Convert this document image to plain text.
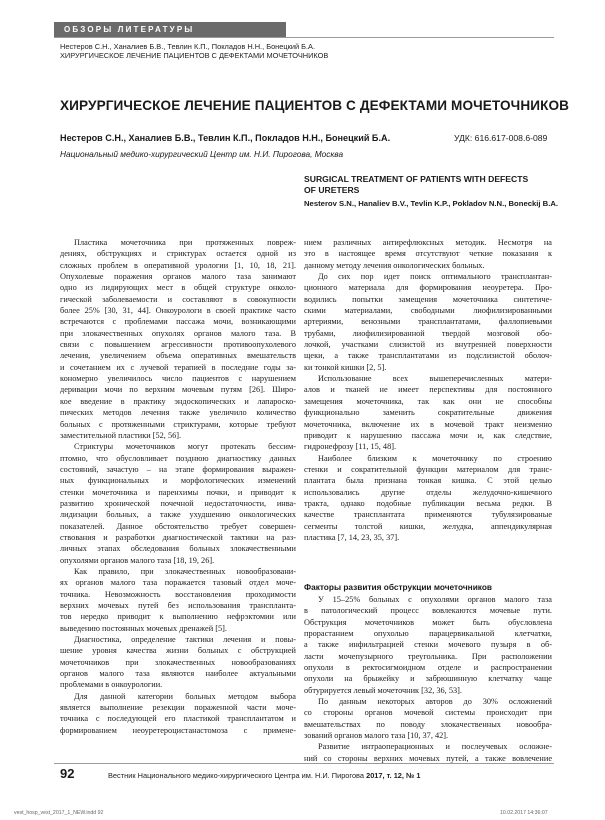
ОБЗОРЫ ЛИТЕРАТУРЫ
Нестеров С.Н., Ханалиев Б.В., Тевлин К.П., Покладов Н.Н., Бонецкий Б.А.
ХИРУРГИЧЕСКОЕ ЛЕЧЕНИЕ ПАЦИЕНТОВ С ДЕФЕКТАМИ МОЧЕТОЧНИКОВ
ХИРУРГИЧЕСКОЕ ЛЕЧЕНИЕ ПАЦИЕНТОВ С ДЕФЕКТАМИ МОЧЕТОЧНИКОВ
Нестеров С.Н., Ханалиев Б.В., Тевлин К.П., Покладов Н.Н., Бонецкий Б.А.	УДК: 616.617-008.6-089
Национальный медико-хирургический Центр им. Н.И. Пирогова, Москва
SURGICAL TREATMENT OF PATIENTS WITH DEFECTS
OF URETERS
Nesterov S.N., Hanaliev B.V., Tevlin K.P., Pokladov N.N., Boneckij B.A.

Пластика мочеточника при протяженных повреж-

дениях, обструкциях и стриктурах остается одной из

сложных проблем в оперативной урологии [1, 10, 18, 21].

Опухолевые поражения органов малого таза занимают

одно из лидирующих мест в общей структуре онколо-

гической заболеваемости и составляют в совокупности

более 25% [30, 31, 44]. Онкоурологи в своей практике часто

встречаются с проблемами пассажа мочи, возникающими

при злокачественных опухолях органов малого таза. В

связи с повышением агрессивности противоопухолевого

лечения, увеличением объема оперативных вмешательств

и сочетанием их с лучевой терапией в последние годы за-

кономерно увеличилось число пациентов с нарушением

деривации мочи по верхним мочевым путям [26]. Широ-

кое введение в практику эндоскопических и лапароско-

пических методов лечения также увеличило количество

больных с протяженными стриктурами, которые требуют

заместительной пластики [52, 56].

Стриктуры мочеточников могут протекать бессим-

птомно, что обусловливает позднюю диагностику данных

состояний, зачастую – на этапе формирования выражен-

ных функциональных и морфологических изменений

стенки мочеточника и паренхимы почки, и приводит к

развитию хронической почечной недостаточности, инва-

лидизации больных, а также ухудшению онкологических

показателей. Данное обстоятельство требует совершен-

ствования и разработки диагностической тактики на раз-

личных этапах обследования больных злокачественными

опухолями органов малого таза [18, 19, 26].

Как правило, при злокачественных новообразовани-

ях органов малого таза поражается тазовый отдел моче-

точника. Невозможность восстановления проходимости

верхних мочевых путей без использования транспланта-

тов нередко приводит к выполнению нефрэктомии или

выведению постоянных мочевых дренажей [5].

Диагностика, определение тактики лечения и повы-

шение уровня качества жизни больных с обструкцией

мочеточников при злокачественных новообразованиях

органов малого таза являются наиболее актуальными

проблемами в онкоурологии.

Для данной категории больных методом выбора

является выполнение резекции пораженной части моче-

точника с последующей его пластикой трансплантатом и

формированием неоуретероцистанастомоза с примене-

нием различных антирефлюксных методик. Несмотря на

это в настоящее время отсутствуют четкие показания к

данному методу лечения онкологических больных.

До сих пор идет поиск оптимального трансплантан-

ционного материала для формирования неоуретера. Про-

водились попытки замещения мочеточника синтетиче-

скими материалами, свободными лиофилизированными

артериями, венозными трансплантатами, фаллопиевыми

трубами, лиофилизированной твердой мозговой обо-

лочкой, участками слизистой из внутренней поверхности

щеки, а также трансплантатами из подслизистой оболоч-

ки тонкой кишки [2, 5].

Использование всех вышеперечисленных матери-

алов и тканей не имеет перспективы для постоянного

замещения мочеточника, так как они не способны

функционально заменить сократительные движения

мочеточника, включение их в мочевой тракт неизменно

приводит к нарушению пассажа мочи и, как следствие,

гидронефрозу [11, 15, 48].

Наиболее близким к мочеточнику по строению

стенки и сократительной функции материалом для транс-

плантата была признана тонкая кишка. С этой целью

использовались другие отделы желудочно-кишечного

тракта, однако подобные публикации весьма редки. В

качестве трансплантата применяются тубулязированые

сегменты толстой кишки, желудка, аппендикулярная

пластика [7, 14, 23, 35, 37].

Факторы развития обструкции мочеточников

У 15–25% больных с опухолями органов малого таза

в патологический процесс вовлекаются мочевые пути.

Обструкция мочеточников может быть обусловлена

прорастанием опухолью парацервикальной клетчатки,

а также инфильтрацией стенки мочевого пузыря в об-

ласти мочепузырного треугольника. При расположении

опухоли в ректосигмоидном отделе и распространении

опухоли на брыжейку и забрюшинную клетчатку чаще

обтурируется левый мочеточник [32, 36, 53].

По данным некоторых авторов до 30% осложнений

со стороны органов мочевой системы происходит при

вмешательствах по поводу злокачественных новообра-

зований органов малого таза [10, 37, 42].

Развитие интраоперационных и послеучевых осложне-

ний со стороны верхних мочевых путей, а также вовлечение

92	Вестник Национального медико-хирургического Центра им. Н.И. Пирогова 2017, т. 12, № 1
vest_hosp_vest_2017_1_NEW.indd 92	10.02.2017 14:36:07
